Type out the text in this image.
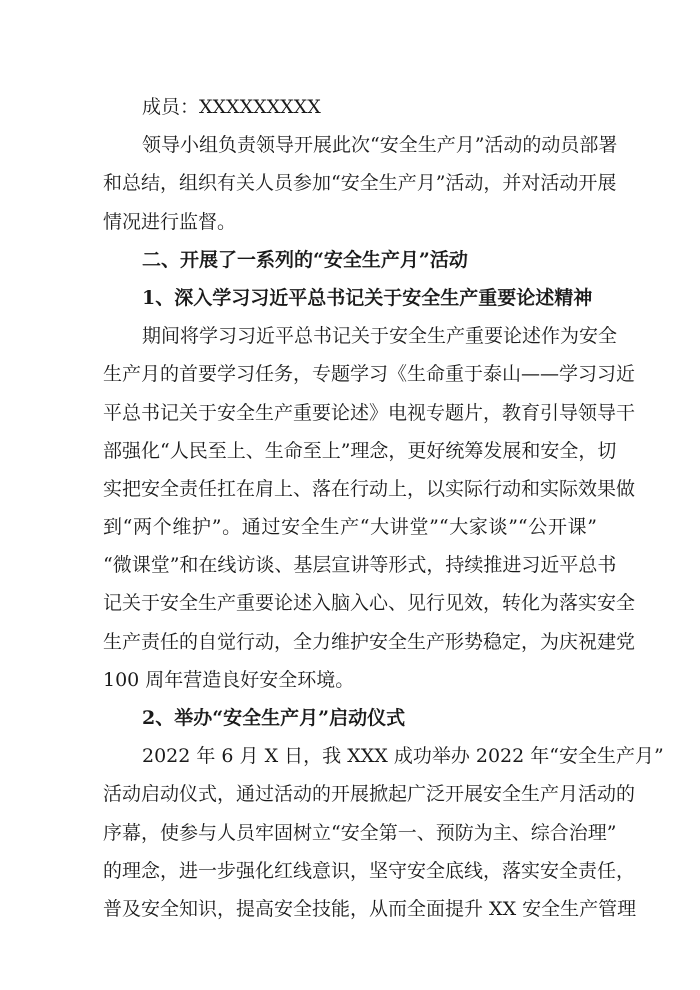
成员：XXXXXXXXX
领导小组负责领导开展此次“安全生产月”活动的动员部署
和总结，组织有关人员参加“安全生产月”活动，并对活动开展
情况进行监督。
二、开展了一系列的“安全生产月”活动
1、深入学习习近平总书记关于安全生产重要论述精神
期间将学习习近平总书记关于安全生产重要论述作为安全
生产月的首要学习任务，专题学习《生命重于泰山——学习习近
平总书记关于安全生产重要论述》电视专题片，教育引导领导干
部强化“人民至上、生命至上”理念，更好统筹发展和安全，切
实把安全责任扛在肩上、落在行动上，以实际行动和实际效果做
到“两个维护”。通过安全生产“大讲堂”“大家谈”“公开课”
“微课堂”和在线访谈、基层宣讲等形式，持续推进习近平总书
记关于安全生产重要论述入脑入心、见行见效，转化为落实安全
生产责任的自觉行动，全力维护安全生产形势稳定，为庆祝建党
100 周年营造良好安全环境。
2、举办“安全生产月”启动仪式
2022 年 6 月 X 日，我 XXX 成功举办 2022 年“安全生产月”
活动启动仪式，通过活动的开展掀起广泛开展安全生产月活动的
序幕，使参与人员牢固树立“安全第一、预防为主、综合治理”
的理念，进一步强化红线意识，坚守安全底线，落实安全责任，
普及安全知识，提高安全技能，从而全面提升 XX 安全生产管理
